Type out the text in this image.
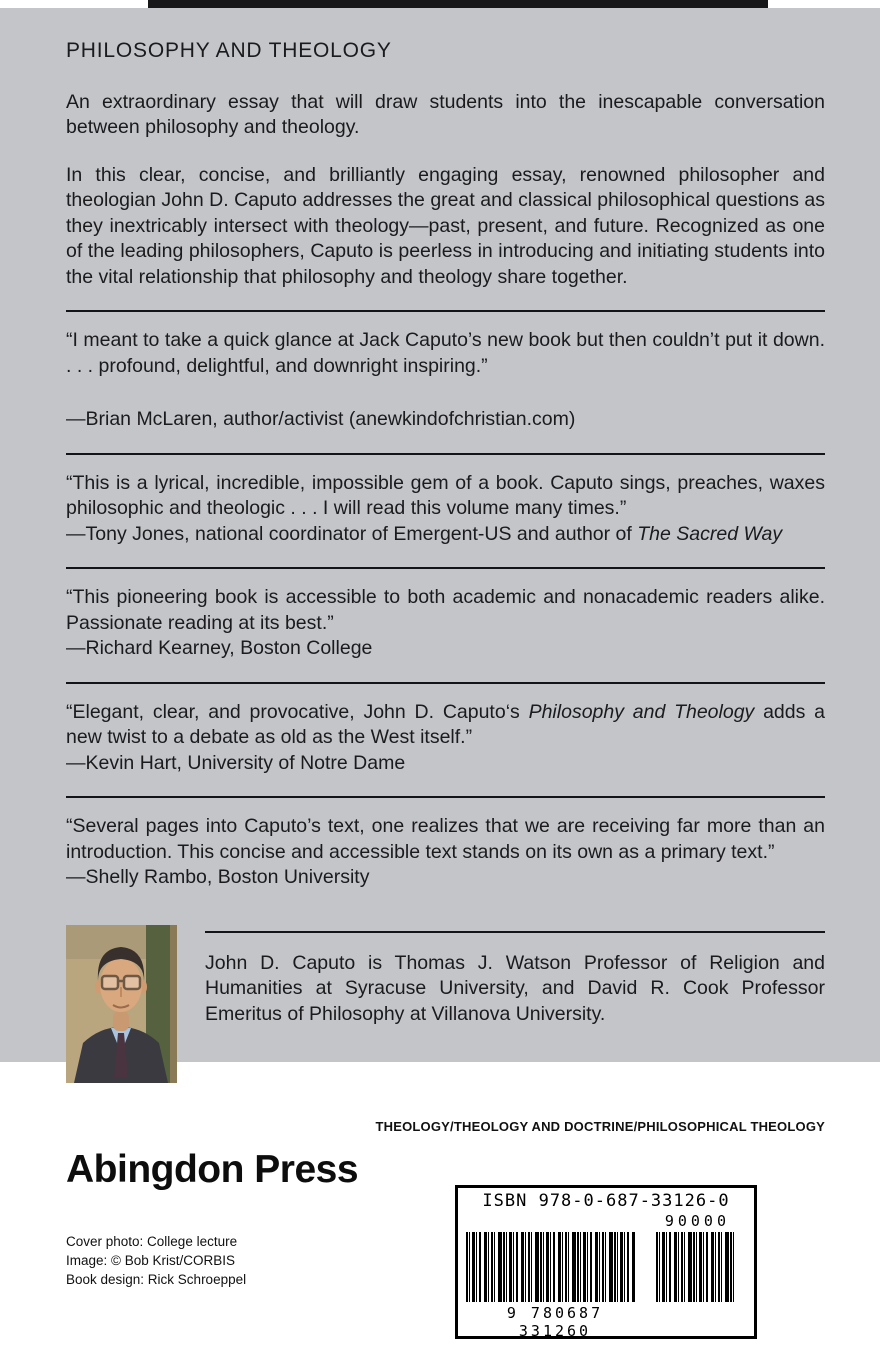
PHILOSOPHY AND THEOLOGY

An extraordinary essay that will draw students into the inescapable conversation between philosophy and theology.

In this clear, concise, and brilliantly engaging essay, renowned philosopher and theologian John D. Caputo addresses the great and classical philosophical questions as they inextricably intersect with theology—past, present, and future. Recognized as one of the leading philosophers, Caputo is peerless in introducing and initiating students into the vital relationship that philosophy and theology share together.

“I meant to take a quick glance at Jack Caputo’s new book but then couldn’t put it down. . . . profound, delightful, and downright inspiring.”

—Brian McLaren, author/activist (anewkindofchristian.com)

“This is a lyrical, incredible, impossible gem of a book. Caputo sings, preaches, waxes philosophic and theologic . . . I will read this volume many times.”

—Tony Jones, national coordinator of Emergent-US and author of The Sacred Way

“This pioneering book is accessible to both academic and nonacademic readers alike. Passionate reading at its best.”

—Richard Kearney, Boston College

“Elegant, clear, and provocative, John D. Caputo‘s Philosophy and Theology adds a new twist to a debate as old as the West itself.”

—Kevin Hart, University of Notre Dame

“Several pages into Caputo’s text, one realizes that we are receiving far more than an introduction. This concise and accessible text stands on its own as a primary text.”

—Shelly Rambo, Boston University

John D. Caputo is Thomas J. Watson Professor of Religion and Humanities at Syracuse University, and David R. Cook Professor Emeritus of Philosophy at Villanova University.

THEOLOGY/THEOLOGY AND DOCTRINE/PHILOSOPHICAL THEOLOGY
Abingdon Press
Cover photo: College lecture
Image: © Bob Krist/CORBIS
Book design: Rick Schroeppel
ISBN 978-0-687-33126-0
90000
9 780687 331260
